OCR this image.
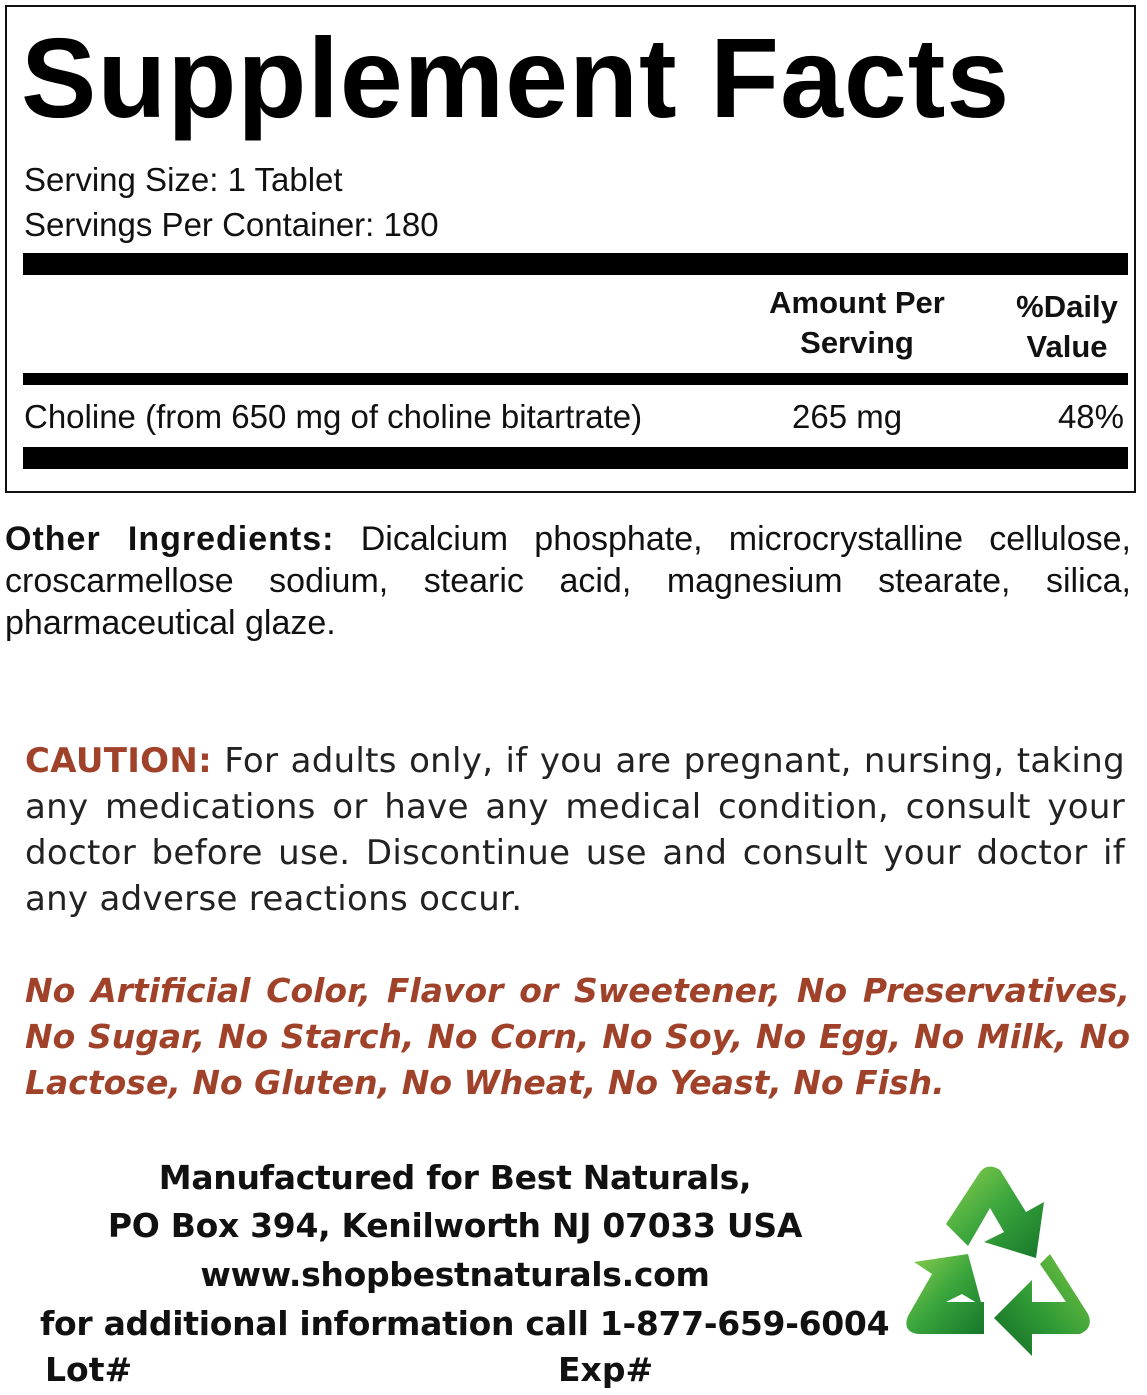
Supplement Facts
Serving Size: 1 Tablet
Servings Per Container: 180
Amount Per
Serving
%Daily
Value
Choline (from 650 mg of choline bitartrate)	265 mg	48%

Other Ingredients: Dicalcium phosphate, microcrystalline cellulose, croscarmellose sodium, stearic acid, magnesium stearate, silica, pharmaceutical glaze.

CAUTION: For adults only, if you are pregnant, nursing, taking any medications or have any medical condition, consult your doctor before use. Discontinue use and consult your doctor if any adverse reactions occur.

No Artificial Color, Flavor or Sweetener, No Preservatives, No Sugar, No Starch, No Corn, No Soy, No Egg, No Milk, No Lactose, No Gluten, No Wheat, No Yeast, No Fish.

Manufactured for Best Naturals,
PO Box 394, Kenilworth NJ 07033 USA
www.shopbestnaturals.com
for additional information call 1-877-659-6004
Lot#	Exp#
